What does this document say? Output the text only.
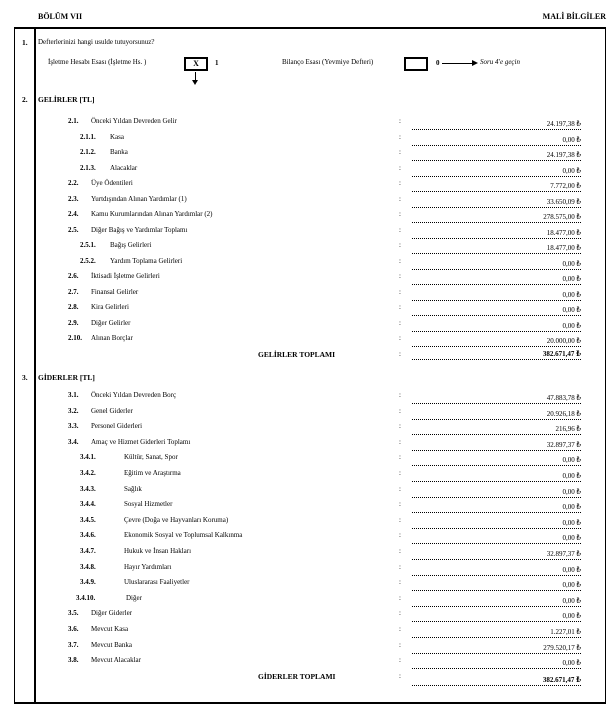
BÖLÜM VII	MALİ BİLGİLER
1. Defterlerinizi hangi usulde tutuyorsunuz?
İşletme Hesabı Esası (İşletme Hs. )	X	1	Bilanço Esası (Yevmiye Defteri)	0	Soru 4'e geçin
2. GELİRLER [TL]
2.1. Önceki Yıldan Devreden Gelir	:	24.197,38 ₺
2.1.1. Kasa	:	0,00 ₺
2.1.2. Banka	:	24.197,38 ₺
2.1.3. Alacaklar	:	0,00 ₺
2.2. Üye Ödentileri	:	7.772,00 ₺
2.3. Yurtdışından Alınan Yardımlar (1)	:	33.650,09 ₺
2.4. Kamu Kurumlarından Alınan Yardımlar (2)	:	278.575,00 ₺
2.5. Diğer Bağış ve Yardımlar Toplamı	:	18.477,00 ₺
2.5.1. Bağış Gelirleri	:	18.477,00 ₺
2.5.2. Yardım Toplama Gelirleri	:	0,00 ₺
2.6. İktisadi İşletme Gelirleri	:	0,00 ₺
2.7. Finansal Gelirler	:	0,00 ₺
2.8. Kira Gelirleri	:	0,00 ₺
2.9. Diğer Gelirler	:	0,00 ₺
2.10. Alınan Borçlar	:	20.000,00 ₺
GELİRLER TOPLAMI	:	382.671,47 ₺
3. GİDERLER [TL]
3.1. Önceki Yıldan Devreden Borç	:	47.883,78 ₺
3.2. Genel Giderler	:	20.926,18 ₺
3.3. Personel Giderleri	:	216,96 ₺
3.4. Amaç ve Hizmet Giderleri Toplamı	:	32.897,37 ₺
3.4.1.	Kültür, Sanat, Spor	:	0,00 ₺
3.4.2.	Eğitim ve Araştırma	:	0,00 ₺
3.4.3.	Sağlık	:	0,00 ₺
3.4.4.	Sosyal Hizmetler	:	0,00 ₺
3.4.5.	Çevre (Doğa ve Hayvanları Koruma)	:	0,00 ₺
3.4.6.	Ekonomik Sosyal ve Toplumsal Kalkınma	:	0,00 ₺
3.4.7.	Hukuk ve İnsan Hakları	:	32.897,37 ₺
3.4.8.	Hayır Yardımları	:	0,00 ₺
3.4.9.	Uluslararası Faaliyetler	:	0,00 ₺
3.4.10.	Diğer	:	0,00 ₺
3.5. Diğer Giderler	:	0,00 ₺
3.6. Mevcut Kasa	:	1.227,01 ₺
3.7. Mevcut Banka	:	279.520,17 ₺
3.8. Mevcut Alacaklar	:	0,00 ₺
GİDERLER TOPLAMI	:	382.671,47 ₺
